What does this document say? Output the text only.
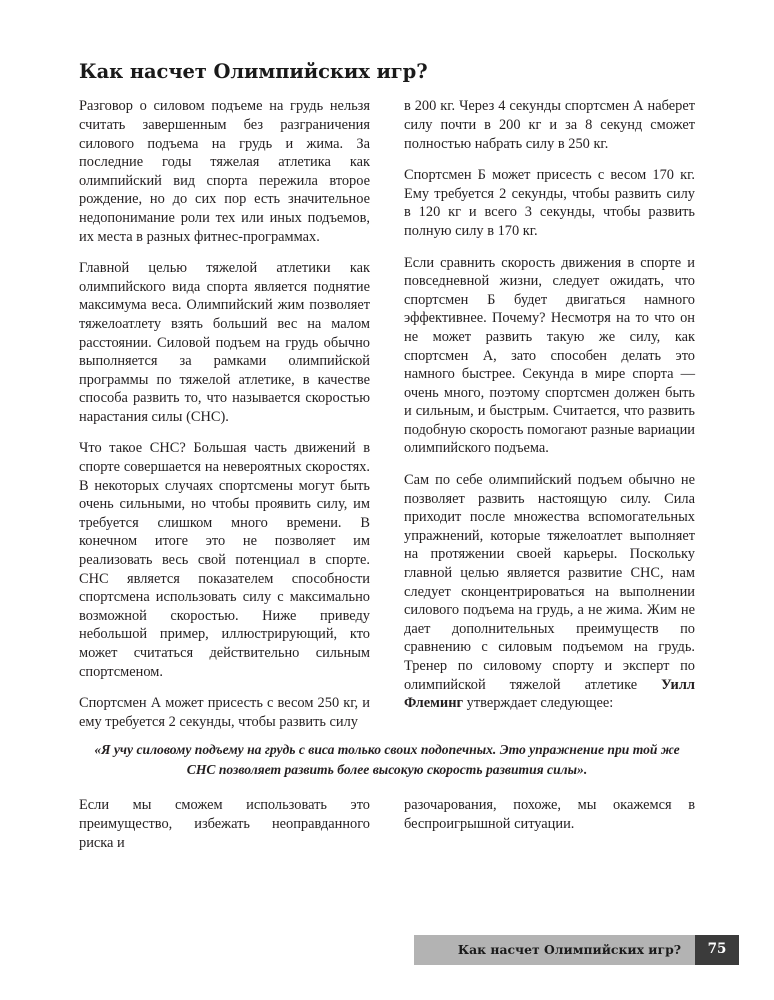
Как насчет Олимпийских игр?

Разговор о силовом подъеме на грудь нельзя считать завершенным без разграничения силового подъема на грудь и жима. За последние годы тяжелая атлетика как олимпийский вид спорта пережила второе рождение, но до сих пор есть значительное недопонимание роли тех или иных подъемов, их места в разных фитнес-программах.

Главной целью тяжелой атлетики как олимпийского вида спорта является поднятие максимума веса. Олимпийский жим позволяет тяжелоатлету взять больший вес на малом расстоянии. Силовой подъем на грудь обычно выполняется за рамками олимпийской программы по тяжелой атлетике, в качестве способа развить то, что называется скоростью нарастания силы (СНС).

Что такое СНС? Большая часть движений в спорте совершается на невероятных скоростях. В некоторых случаях спортсмены могут быть очень сильными, но чтобы проявить силу, им требуется слишком много времени. В конечном итоге это не позволяет им реализовать весь свой потенциал в спорте. СНС является показателем способности спортсмена использовать силу с максимально возможной скоростью. Ниже приведу небольшой пример, иллюстрирующий, кто может считаться действительно сильным спортсменом.

Спортсмен А может присесть с весом 250 кг, и ему требуется 2 секунды, чтобы развить силу

в 200 кг. Через 4 секунды спортсмен А наберет силу почти в 200 кг и за 8 секунд сможет полностью набрать силу в 250 кг.

Спортсмен Б может присесть с весом 170 кг. Ему требуется 2 секунды, чтобы развить силу в 120 кг и всего 3 секунды, чтобы развить полную силу в 170 кг.

Если сравнить скорость движения в спорте и повседневной жизни, следует ожидать, что спортсмен Б будет двигаться намного эффективнее. Почему? Несмотря на то что он не может развить такую же силу, как спортсмен А, зато способен делать это намного быстрее. Секунда в мире спорта — очень много, поэтому спортсмен должен быть и сильным, и быстрым. Считается, что развить подобную скорость помогают разные вариации олимпийского подъема.

Сам по себе олимпийский подъем обычно не позволяет развить настоящую силу. Сила приходит после множества вспомогательных упражнений, которые тяжелоатлет выполняет на протяжении своей карьеры. Поскольку главной целью является развитие СНС, нам следует сконцентрироваться на выполнении силового подъема на грудь, а не жима. Жим не дает дополнительных преимуществ по сравнению с силовым подъемом на грудь. Тренер по силовому спорту и эксперт по олимпийской тяжелой атлетике Уилл Флеминг утверждает следующее:

«Я учу силовому подъему на грудь с виса только своих подопечных. Это упражнение при той же СНС позволяет развить более высокую скорость развития силы».

Если мы сможем использовать это преимущество, избежать неоправданного риска и

разочарования, похоже, мы окажемся в беспроигрышной ситуации.

Как насчет Олимпийских игр?	75
